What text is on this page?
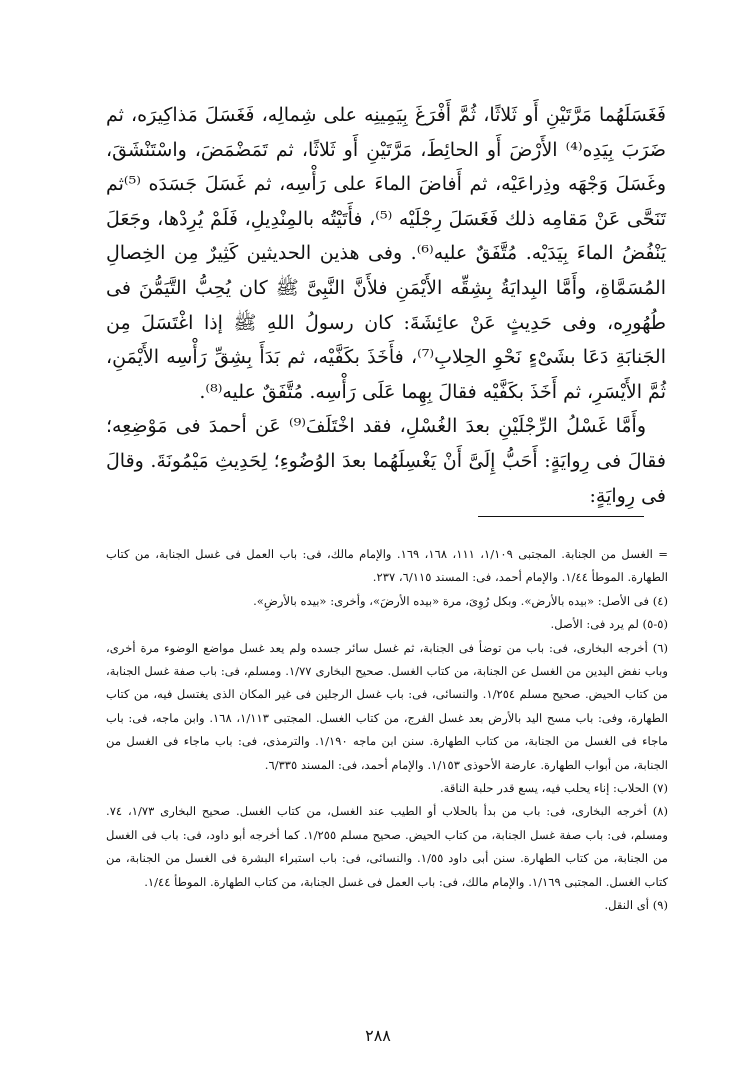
فَغَسَلَهُما مَرَّتَيْنِ أَو ثَلاثًا، ثُمَّ أَفْرَغَ بِيَمِينِه على شِمالِه، فَغَسَلَ مَذاكِيرَه، ثم ضَرَبَ بِيَدِه⁽⁴⁾ الأَرْضَ أَو الحائِطَ، مَرَّتَيْنِ أَو ثَلاثًا، ثم تَمَضْمَضَ، واسْتَنْشَقَ، وغَسَلَ وَجْهَه وذِراعَيْه، ثم أَفاضَ الماءَ على رَأْسِه، ثم غَسَلَ جَسَدَه ⁽⁵⁾ثم تَنَحَّى عَنْ مَقامِه ذلك فَغَسَلَ رِجْلَيْه ⁽⁵⁾، فأَتَيْتُه بالمِنْدِيلِ، فَلَمْ يُرِدْها، وجَعَلَ يَنْفُضُ الماءَ بِيَدَيْه. مُتَّفَقٌ عليه⁽⁶⁾. وفى هذين الحديثين كَثِيرٌ مِن الخِصالِ المُسَمَّاةِ، وأَمَّا البِدايَةُ بِشِقِّه الأَيْمَنِ فلأَنَّ النَّبِىَّ ﷺ كان يُحِبُّ التَّيَمُّنَ فى طُهُورِه، وفى حَدِيثٍ عَنْ عائِشَةَ: كان رسولُ اللهِ ﷺ إذا اغْتَسَلَ مِن الجَنابَةِ دَعَا بشَىْءٍ نَحْوِ الحِلابِ⁽⁷⁾، فأَخَذَ بكَفَّيْه، ثم بَدَأَ بِشِقِّ رَأْسِه الأَيْمَنِ، ثُمَّ الأَيْسَرِ، ثم أَخَذَ بكَفَّيْه فقالَ بِهِما عَلَى رَأْسِه. مُتَّفَقٌ عليه⁽⁸⁾.

وأَمَّا غَسْلُ الرِّجْلَيْنِ بعدَ الغُسْلِ، فقد اخْتَلَفَ⁽⁹⁾ عَن أحمدَ فى مَوْضِعِه؛ فقالَ فى رِوايَةٍ: أَحَبُّ إِلَىَّ أَنْ يَغْسِلَهُما بعدَ الوُضُوءِ؛ لِحَدِيثِ مَيْمُونَةَ. وقالَ فى رِوايَةٍ:

= الغسل من الجنابة. المجتبى ١/١٠٩، ١١١، ١٦٨، ١٦٩. والإمام مالك، فى: باب العمل فى غسل الجنابة، من كتاب الطهارة. الموطأ ١/٤٤. والإمام أحمد، فى: المسند ٦/١١٥، ٢٣٧.

(٤) فى الأصل: «بيده بالأرض». وبكل رُوِىَ، مرة «بيده الأرضَ»، وأخرى: «بيده بالأرضِ».

(٥-٥) لم يرد فى: الأصل.

(٦) أخرجه البخارى، فى: باب من توضأ فى الجنابة، ثم غسل سائر جسده ولم يعد غسل مواضع الوضوء مرة أخرى، وباب نفض اليدين من الغسل عن الجنابة، من كتاب الغسل. صحيح البخارى ١/٧٧. ومسلم، فى: باب صفة غسل الجنابة، من كتاب الحيض. صحيح مسلم ١/٢٥٤. والنسائى، فى: باب غسل الرجلين فى غير المكان الذى يغتسل فيه، من كتاب الطهارة، وفى: باب مسح اليد بالأرض بعد غسل الفرج، من كتاب الغسل. المجتبى ١/١١٣، ١٦٨. وابن ماجه، فى: باب ماجاء فى الغسل من الجنابة، من كتاب الطهارة. سنن ابن ماجه ١/١٩٠. والترمذى، فى: باب ماجاء فى الغسل من الجنابة، من أبواب الطهارة. عارضة الأحوذى ١/١٥٣. والإمام أحمد، فى: المسند ٦/٣٣٥.

(٧) الحلاب: إناء يحلب فيه، يسع قدر حلبة الناقة.

(٨) أخرجه البخارى، فى: باب من بدأ بالحلاب أو الطيب عند الغسل، من كتاب الغسل. صحيح البخارى ١/٧٣، ٧٤. ومسلم، فى: باب صفة غسل الجنابة، من كتاب الحيض. صحيح مسلم ١/٢٥٥. كما أخرجه أبو داود، فى: باب فى الغسل من الجنابة، من كتاب الطهارة. سنن أبى داود ١/٥٥. والنسائى، فى: باب استبراء البشرة فى الغسل من الجنابة، من كتاب الغسل. المجتبى ١/١٦٩. والإمام مالك، فى: باب العمل فى غسل الجنابة، من كتاب الطهارة. الموطأ ١/٤٤.

(٩) أى النقل.

٢٨٨
